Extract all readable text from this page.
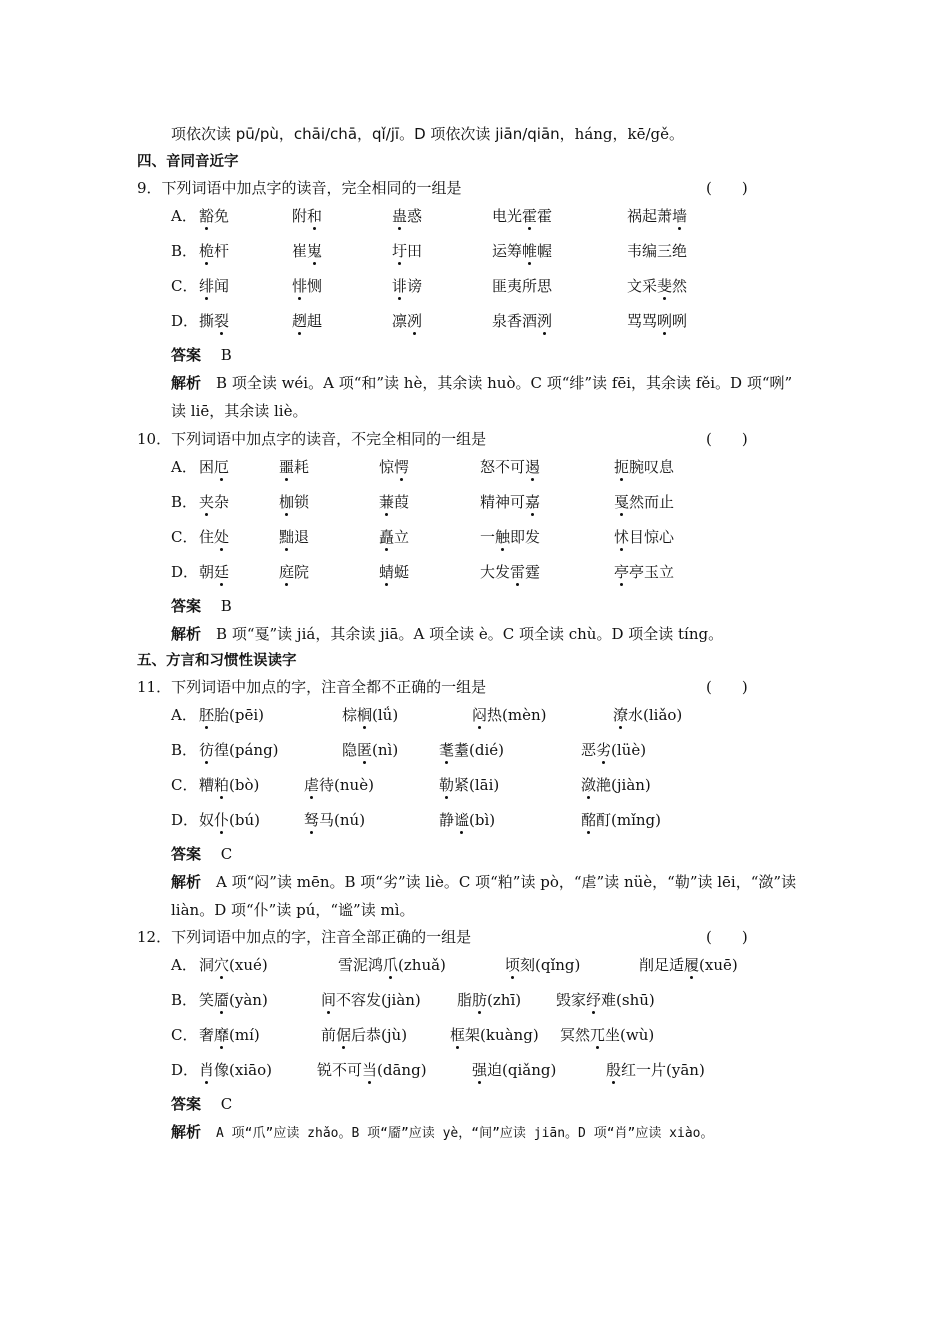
项依次读 pū/pù，chāi/chā，qǐ/jī。D 项依次读 jiān/qiān，háng，kē/gě。
四、音同音近字
9．下列词语中加点字的读音，完全相同的一组是	(　　)
A． 豁免	附和	蛊惑	电光霍霍	祸起萧墙
B． 桅杆	崔嵬	圩田	运筹帷幄	韦编三绝
C． 绯闻	悱恻	诽谤	匪夷所思	文采斐然
D． 撕裂	趔趄	凛冽	泉香酒洌	骂骂咧咧
答案　 B
解析　 B 项全读 wéi。A 项“和”读 hè，其余读 huò。C 项“绯”读 fēi，其余读 fěi。D 项“咧”
读 liē，其余读 liè。
10．下列词语中加点字的读音，不完全相同的一组是	(　　)
A． 困厄	噩耗	惊愕	怒不可遏	扼腕叹息
B． 夹杂	枷锁	蒹葭	精神可嘉	戛然而止
C． 住处	黜退	矗立	一触即发	怵目惊心
D． 朝廷	庭院	蜻蜓	大发雷霆	亭亭玉立
答案　 B
解析　 B 项“戛”读 jiá，其余读 jiā。A 项全读 è。C 项全读 chù。D 项全读 tíng。
五、方言和习惯性误读字
11．下列词语中加点的字，注音全都不正确的一组是	(　　)
A． 胚胎(pēi)	棕榈(lǘ)	闷热(mèn)	潦水(liǎo)
B． 彷徨(páng)	隐匿(nì)	耄耋(dié)	恶劣(lüè)
C． 糟粕(bò)	虐待(nuè)	勒紧(lāi)	潋滟(jiàn)
D． 奴仆(bú)	驽马(nú)	静谧(bì)	酩酊(mǐng)
答案　 C
解析　 A 项“闷”读 mēn。B 项“劣”读 liè。C 项“粕”读 pò，“虐”读 nüè，“勒”读 lēi，“潋”读
liàn。D 项“仆”读 pú，“谧”读 mì。
12．下列词语中加点的字，注音全部正确的一组是	(　　)
A． 洞穴(xué)	雪泥鸿爪(zhuǎ)	顷刻(qǐng)	削足适履(xuē)
B． 笑靥(yàn)	间不容发(jiàn) 脂肪(zhī) 毁家纾难(shū)
C． 奢靡(mí)	前倨后恭(jù)	框架(kuàng) 冥然兀坐(wù)
D． 肖像(xiāo)	锐不可当(dāng)	强迫(qiǎng)	殷红一片(yān)
答案　 C
解析　 A 项“爪”应读 zhǎo。B 项“靥”应读 yè，“间”应读 jiān。D 项“肖”应读 xiào。
